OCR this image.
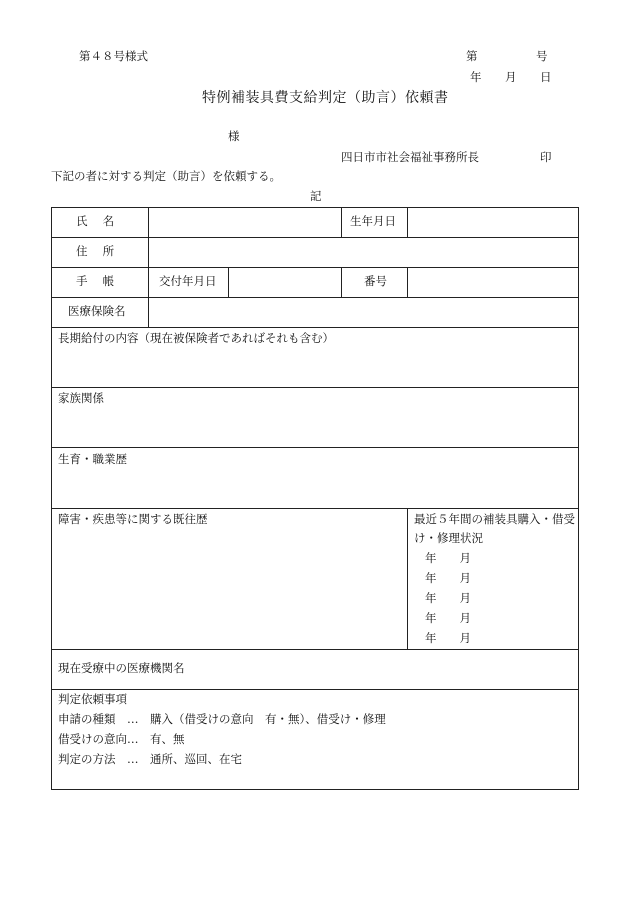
第４８号様式	第	号
年 月 日
特例補装具費支給判定（助言）依頼書
様
四日市市社会福祉事務所長	印
下記の者に対する判定（助言）を依頼する。
記
氏　 名	生年月日
住　 所
手　 帳	交付年月日	番号
医療保険名
長期給付の内容（現在被保険者であればそれも含む）
家族関係
生育・職業歴
障害・疾患等に関する既往歴	最近５年間の補装具購入・借受
け・修理状況
年　　月
年　　月
年　　月
年　　月
年　　月
現在受療中の医療機関名
判定依頼事項
申請の種類　…　購入（借受けの意向　有・無）、借受け・修理
借受けの意向…　有、無
判定の方法　…　通所、巡回、在宅
